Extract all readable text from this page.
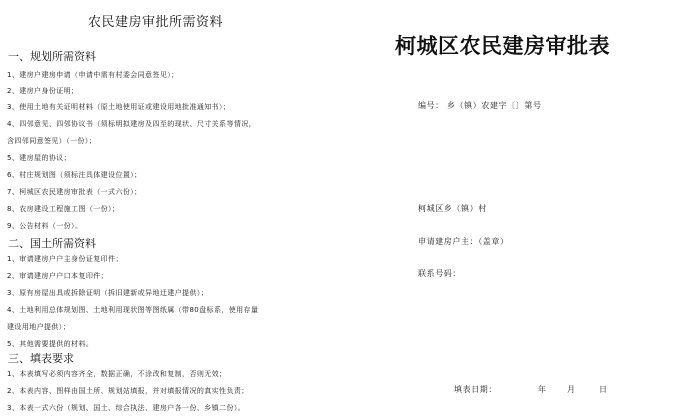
农民建房审批所需资料
一、规划所需资料
1、建房户建房申请（申请中需有村委会同意签见）；
2、建房户身份证明；
3、使用土地有关证明材料（原土地使用证或建设用地批准通知书）；
4、四邻意见、四邻协议书（须标明拟建房及四至的现状、尺寸关系等情况，
含四邻同意签见）（一份）；
5、建房屋的协议；
6、村庄规划图（须标注具体建设位置）；
7、柯城区农民建房审批表（一式六份）；
8、农房建设工程施工图（一份）；
9、公告材料（一份）。
二、国土所需资料
1、审请建房户户主身份证复印件；
2、审请建房户户口本复印件；
3、原有房屋出具或拆除证明（拆旧建新或异地迁建户提供）；
4、土地利用总体规划图、土地利用现状图等图纸属（带80盘标系，使用存量
建设用地户提供）；
5、其他需要提供的材料。
三、填表要求
1、本表填写必须内容齐全，数据正确，不涂改和复制，否则无效；
2、本表内容、图样由国土所、规划站填报，并对填报情况的真实性负责；
3、本表一式六份（规划、国土、综合执法、建房户各一份、乡镇二份）。
柯城区农民建房审批表
编号： 乡（镇）农建字〔〕第号
柯城区乡（镇）村
申请建房户主：（盖章）
联系号码：
填表日期：	年	月	日
